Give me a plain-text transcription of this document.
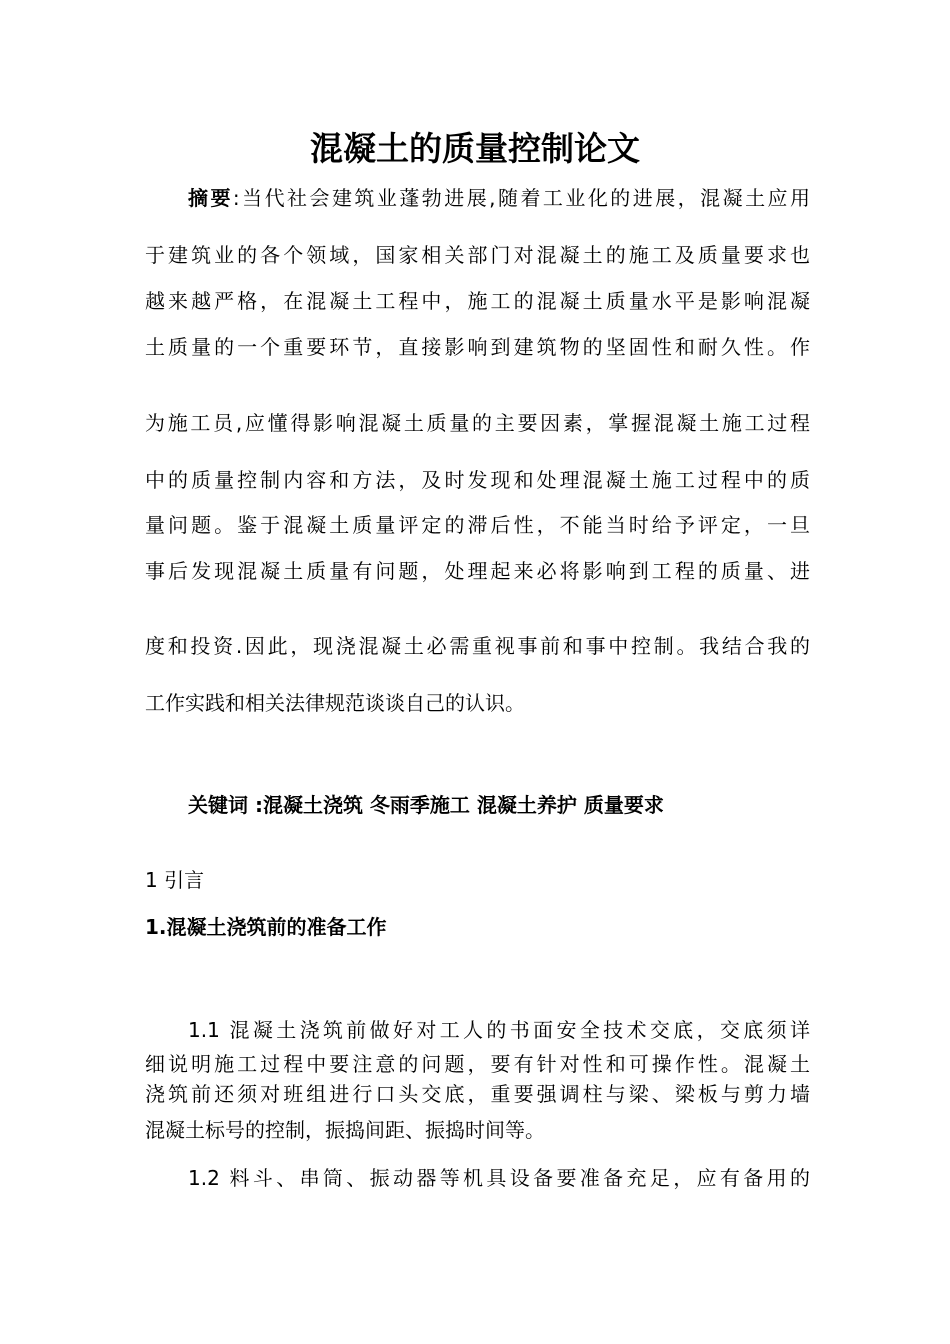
混凝土的质量控制论文
摘要:当代社会建筑业蓬勃进展,随着工业化的进展，混凝土应用
于建筑业的各个领域，国家相关部门对混凝土的施工及质量要求也
越来越严格，在混凝土工程中，施工的混凝土质量水平是影响混凝
土质量的一个重要环节，直接影响到建筑物的坚固性和耐久性。作
为施工员,应懂得影响混凝土质量的主要因素，掌握混凝土施工过程
中的质量控制内容和方法，及时发现和处理混凝土施工过程中的质
量问题。鉴于混凝土质量评定的滞后性，不能当时给予评定，一旦
事后发现混凝土质量有问题，处理起来必将影响到工程的质量、进
度和投资.因此，现浇混凝土必需重视事前和事中控制。我结合我的
工作实践和相关法律规范谈谈自己的认识。
关键词 :混凝土浇筑 冬雨季施工 混凝土养护 质量要求
1 引言
1.混凝土浇筑前的准备工作
1.1 混凝土浇筑前做好对工人的书面安全技术交底，交底须详
细说明施工过程中要注意的问题，要有针对性和可操作性。混凝土
浇筑前还须对班组进行口头交底，重要强调柱与梁、梁板与剪力墙
混凝土标号的控制，振捣间距、振捣时间等。
1.2 料斗、串筒、振动器等机具设备要准备充足，应有备用的
